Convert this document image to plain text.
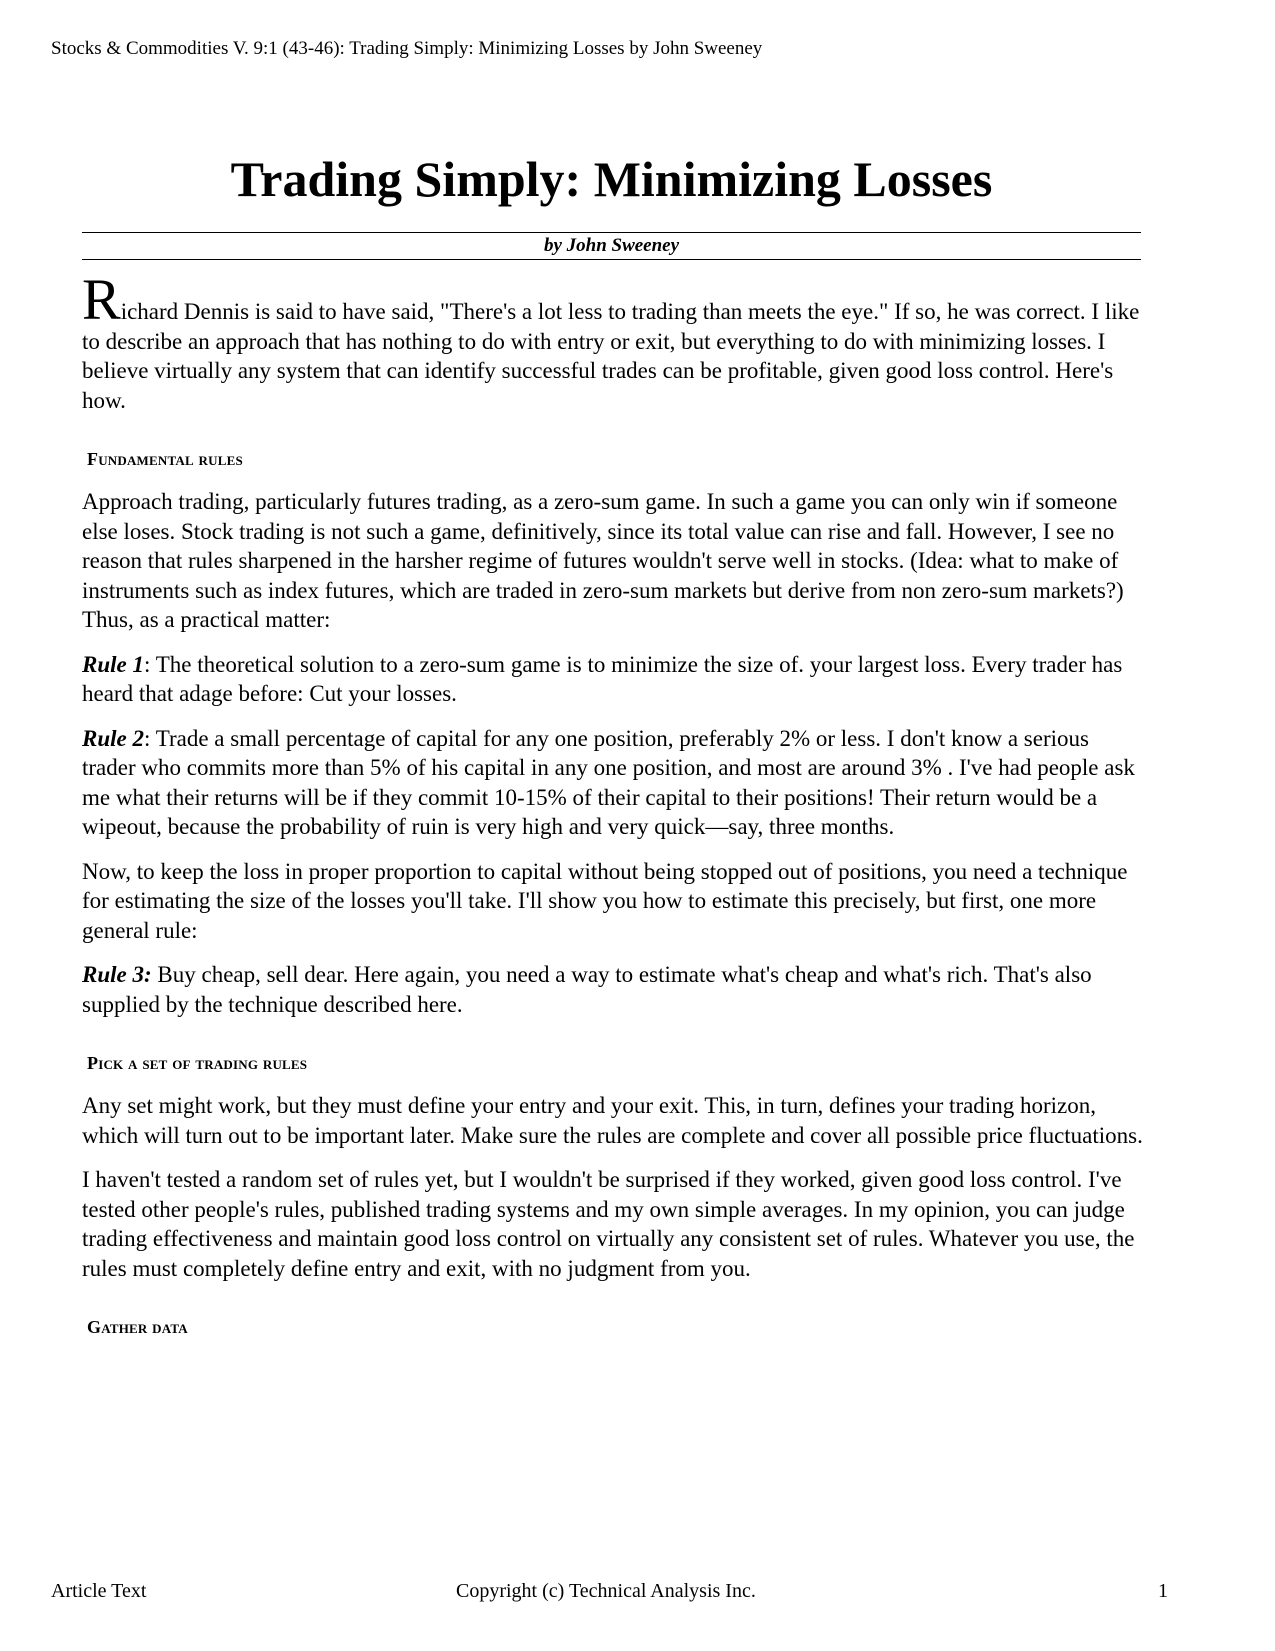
Stocks & Commodities V. 9:1 (43-46): Trading Simply: Minimizing Losses by John Sweeney
Trading Simply: Minimizing Losses
by John Sweeney

Richard Dennis is said to have said, "There's a lot less to trading than meets the eye." If so, he was correct. I like to describe an approach that has nothing to do with entry or exit, but everything to do with minimizing losses. I believe virtually any system that can identify successful trades can be profitable, given good loss control. Here's how.

Fundamental rules

Approach trading, particularly futures trading, as a zero-sum game. In such a game you can only win if someone else loses. Stock trading is not such a game, definitively, since its total value can rise and fall. However, I see no reason that rules sharpened in the harsher regime of futures wouldn't serve well in stocks. (Idea: what to make of instruments such as index futures, which are traded in zero-sum markets but derive from non zero-sum markets?) Thus, as a practical matter:

Rule 1: The theoretical solution to a zero-sum game is to minimize the size of. your largest loss. Every trader has heard that adage before: Cut your losses.

Rule 2: Trade a small percentage of capital for any one position, preferably 2% or less. I don't know a serious trader who commits more than 5% of his capital in any one position, and most are around 3% . I've had people ask me what their returns will be if they commit 10-15% of their capital to their positions! Their return would be a wipeout, because the probability of ruin is very high and very quick—say, three months.

Now, to keep the loss in proper proportion to capital without being stopped out of positions, you need a technique for estimating the size of the losses you'll take. I'll show you how to estimate this precisely, but first, one more general rule:

Rule 3: Buy cheap, sell dear. Here again, you need a way to estimate what's cheap and what's rich. That's also supplied by the technique described here.

Pick a set of trading rules

Any set might work, but they must define your entry and your exit. This, in turn, defines your trading horizon, which will turn out to be important later. Make sure the rules are complete and cover all possible price fluctuations.

I haven't tested a random set of rules yet, but I wouldn't be surprised if they worked, given good loss control. I've tested other people's rules, published trading systems and my own simple averages. In my opinion, you can judge trading effectiveness and maintain good loss control on virtually any consistent set of rules. Whatever you use, the rules must completely define entry and exit, with no judgment from you.

Gather data
Article Text	Copyright (c) Technical Analysis Inc.	1
